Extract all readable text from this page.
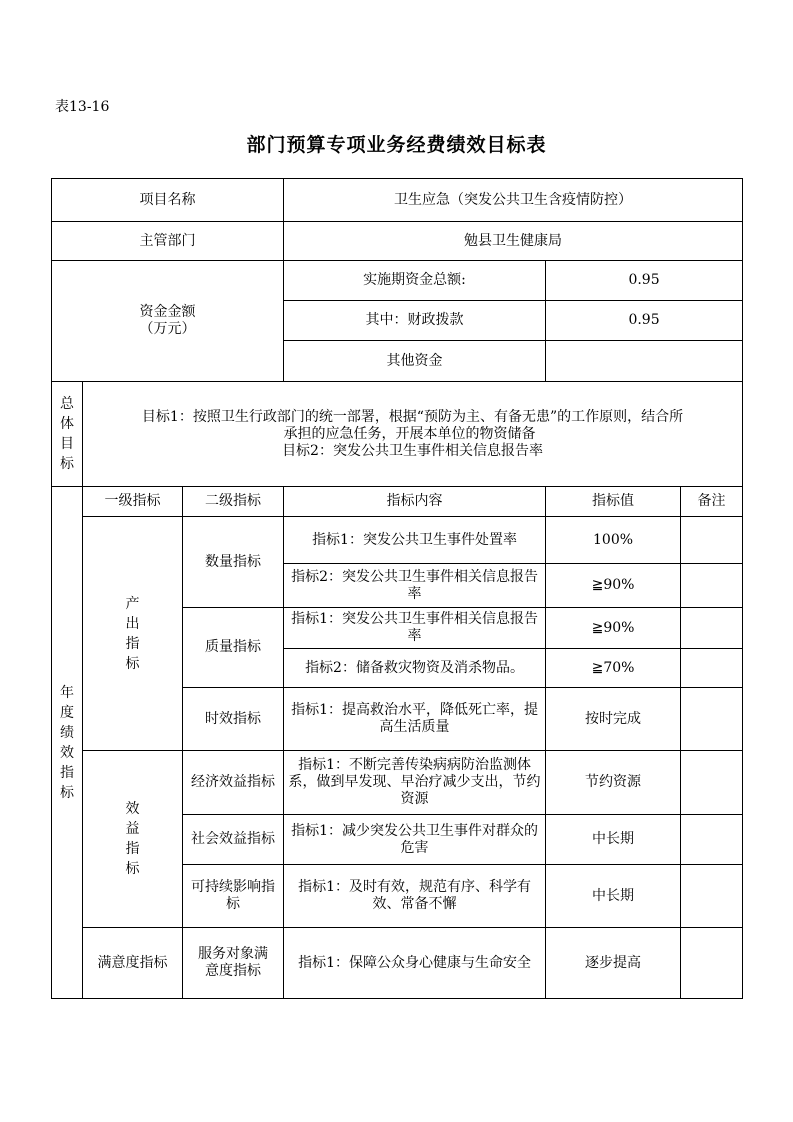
表13-16
部门预算专项业务经费绩效目标表
项目名称			卫生应急（突发公共卫生含疫情防控）		
主管部门			勉县卫生健康局		

资金金额
（万元）			实施期资金总额:	0.95	
			其中：财政拨款	0.95	
			其他资金		
总体目标	目标1：按照卫生行政部门的统一部署，根据“预防为主、有备无患”的工作原则，结合所
承担的应急任务，开展本单位的物资储备
目标2：突发公共卫生事件相关信息报告率				

年度绩效指标	一级指标	二级指标	指标内容	指标值	备注
	产出指标	数量指标	指标1：突发公共卫生事件处置率	100%	
			指标2：突发公共卫生事件相关信息报告率	≧90%	
		质量指标	指标1：突发公共卫生事件相关信息报告率	≧90%	
			指标2：储备救灾物资及消杀物品。	≧70%	
		时效指标	指标1：提高救治水平，降低死亡率，提高生活质量	按时完成	
	效益指标	经济效益指标	指标1：不断完善传染病病防治监测体系，做到早发现、早治疗减少支出，节约资源	节约资源	
		社会效益指标	指标1：减少突发公共卫生事件对群众的危害	中长期	
		可持续影响指标	指标1：及时有效，规范有序、科学有效、常备不懈	中长期	
	满意度指标	服务对象满意度指标	指标1：保障公众身心健康与生命安全	逐步提高	
